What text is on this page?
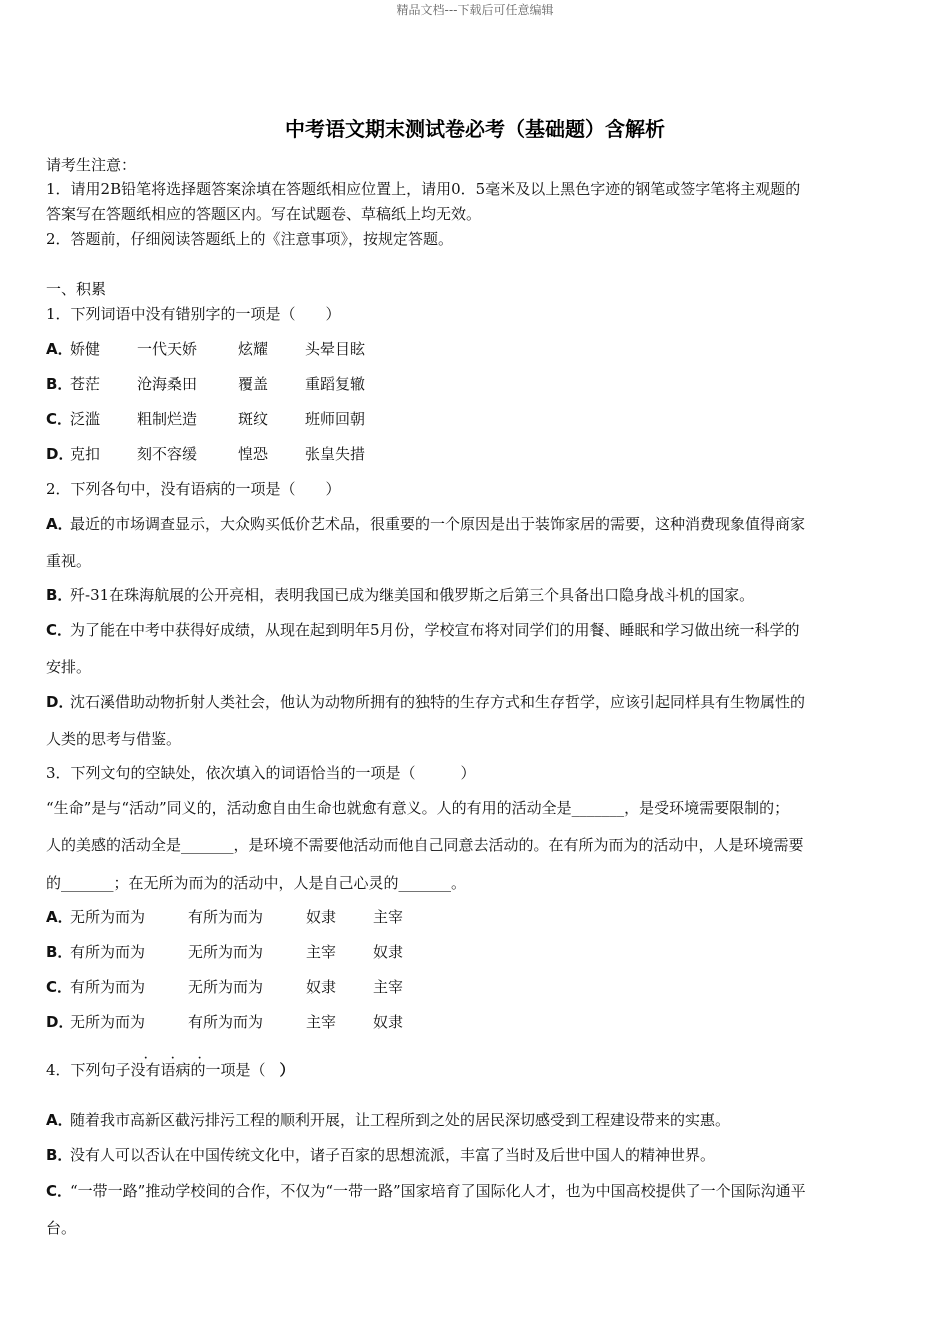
精品文档---下载后可任意编辑
中考语文期末测试卷必考（基础题）含解析
请考生注意：
1．请用2B铅笔将选择题答案涂填在答题纸相应位置上，请用0．5毫米及以上黑色字迹的钢笔或签字笔将主观题的
答案写在答题纸相应的答题区内。写在试题卷、草稿纸上均无效。
2．答题前，仔细阅读答题纸上的《注意事项》，按规定答题。
一、积累
1．下列词语中没有错别字的一项是（　　）
A．娇健 一代天娇	炫耀 头晕目眩
B．苍茫 沧海桑田	覆盖 重蹈复辙
C．泛滥 粗制烂造	斑纹 班师回朝
D．克扣 刻不容缓	惶恐 张皇失措
2．下列各句中，没有语病的一项是（　　）
A．最近的市场调查显示，大众购买低价艺术品，很重要的一个原因是出于装饰家居的需要，这种消费现象值得商家
重视。
B．歼-31在珠海航展的公开亮相，表明我国已成为继美国和俄罗斯之后第三个具备出口隐身战斗机的国家。
C．为了能在中考中获得好成绩，从现在起到明年5月份，学校宣布将对同学们的用餐、睡眠和学习做出统一科学的
安排。
D．沈石溪借助动物折射人类社会，他认为动物所拥有的独特的生存方式和生存哲学，应该引起同样具有生物属性的
人类的思考与借鉴。
3．下列文句的空缺处，依次填入的词语恰当的一项是（　　　）
“生命”是与“活动”同义的，活动愈自由生命也就愈有意义。人的有用的活动全是_______，是受环境需要限制的；
人的美感的活动全是_______，是环境不需要他活动而他自己同意去活动的。在有所为而为的活动中，人是环境需要
的_______；在无所为而为的活动中，人是自己心灵的_______。
A．无所为而为	有所为而为	奴隶 主宰
B．有所为而为	无所为而为	主宰 奴隶
C．有所为而为	无所为而为	奴隶 主宰
D．无所为而为	有所为而为	主宰 奴隶
· · ·
4．下列句子没有语病的一项是（ ）
A．随着我市高新区截污排污工程的顺利开展，让工程所到之处的居民深切感受到工程建设带来的实惠。
B．没有人可以否认在中国传统文化中，诸子百家的思想流派，丰富了当时及后世中国人的精神世界。
C．“一带一路”推动学校间的合作，不仅为“一带一路”国家培育了国际化人才，也为中国高校提供了一个国际沟通平
台。
